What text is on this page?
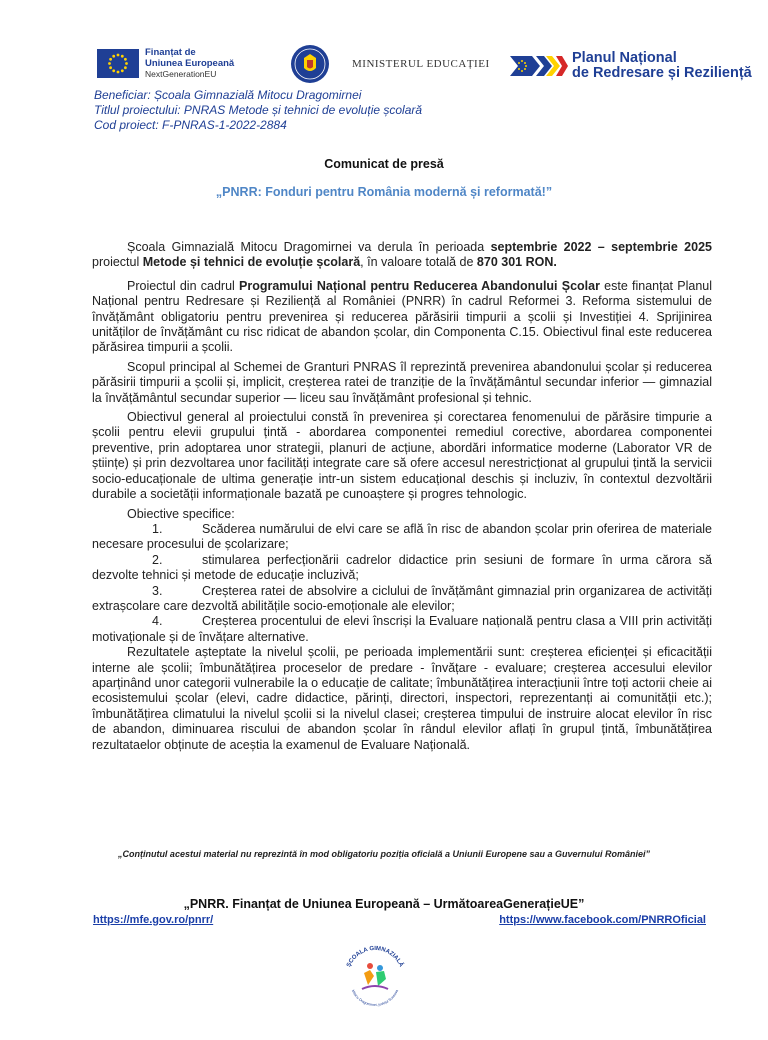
Finanțat de
Uniunea Europeană
NextGenerationEU
MINISTERUL EDUCAȚIEI	Planul Național
de Redresare și Reziliență
Beneficiar: Școala Gimnazială Mitocu Dragomirnei
Titlul proiectului: PNRAS Metode și tehnici de evoluție școlară
Cod proiect: F-PNRAS-1-2022-2884
Comunicat de presă
„PNRR: Fonduri pentru România modernă și reformată!”

Școala Gimnazială Mitocu Dragomirnei va derula în perioada septembrie 2022 – septembrie 2025 proiectul Metode și tehnici de evoluție școlară, în valoare totală de 870 301 RON.

Proiectul din cadrul Programului Național pentru Reducerea Abandonului Școlar este finanțat Planul Național pentru Redresare și Reziliență al României (PNRR) în cadrul Reformei 3. Reforma sistemului de învățământ obligatoriu pentru prevenirea și reducerea părăsirii timpurii a școlii și Investiției 4. Sprijinirea unităților de învățământ cu risc ridicat de abandon școlar, din Componenta C.15. Obiectivul final este reducerea părăsirea timpurii a școlii.

Scopul principal al Schemei de Granturi PNRAS îl reprezintă prevenirea abandonului școlar și reducerea părăsirii timpurii a școlii și, implicit, creșterea ratei de tranziție de la învățământul secundar inferior — gimnazial la învățământul secundar superior — liceu sau învățământ profesional și tehnic.

Obiectivul general al proiectului constă în prevenirea și corectarea fenomenului de părăsire timpurie a școlii pentru elevii grupului țintă - abordarea componentei remediul corective, abordarea componentei preventive, prin adoptarea unor strategii, planuri de acțiune, abordări informatice moderne (Laborator VR de științe) și prin dezvoltarea unor facilități integrate care să ofere accesul nerestricționat al grupului țintă la servicii socio-educaționale de ultima generație intr-un sistem educațional deschis și incluziv, în contextul dezvoltării durabile a societății informaționale bazată pe cunoaștere și progres tehnologic.

Obiective specifice:

1.	Scăderea numărului de elvi care se află în risc de abandon școlar prin oferirea de materiale necesare procesului de școlarizare;

2.	stimularea perfecționării cadrelor didactice prin sesiuni de formare în urma cărora să dezvolte tehnici și metode de educație incluzivă;

3.	Creșterea ratei de absolvire a ciclului de învățământ gimnazial prin organizarea de activități extrașcolare care dezvoltă abilitățile socio-emoționale ale elevilor;

4.	Creșterea procentului de elevi înscriși la Evaluare națională pentru clasa a VIII prin activități motivaționale și de învățare alternative.

Rezultatele așteptate la nivelul școlii, pe perioada implementării sunt: creșterea eficienței și eficacității interne ale școlii; îmbunătățirea proceselor de predare - învățare - evaluare; creșterea accesului elevilor aparținând unor categorii vulnerabile la o educație de calitate; îmbunătățirea interacțiunii între toți actorii cheie ai ecosistemului școlar (elevi, cadre didactice, părinți, directori, inspectori, reprezentanți ai comunității etc.); îmbunătățirea climatului la nivelul școlii si la nivelul clasei; creșterea timpului de instruire alocat elevilor în risc de abandon, diminuarea riscului de abandon școlar în rândul elevilor aflați în grupul țintă, îmbunătățirea rezultataelor obținute de aceștia la examenul de Evaluare Națională.

„Conținutul acestui material nu reprezintă în mod obligatoriu poziția oficială a Uniunii Europene sau a Guvernului României”
„PNRR. Finanțat de Uniunea Europeană – UrmătoareaGenerațieUE”
https://mfe.gov.ro/pnrr/	https://www.facebook.com/PNRROficial
ȘCOALA GIMNAZIALĂ
Mitocu Dragomirnei, județul Suceava
